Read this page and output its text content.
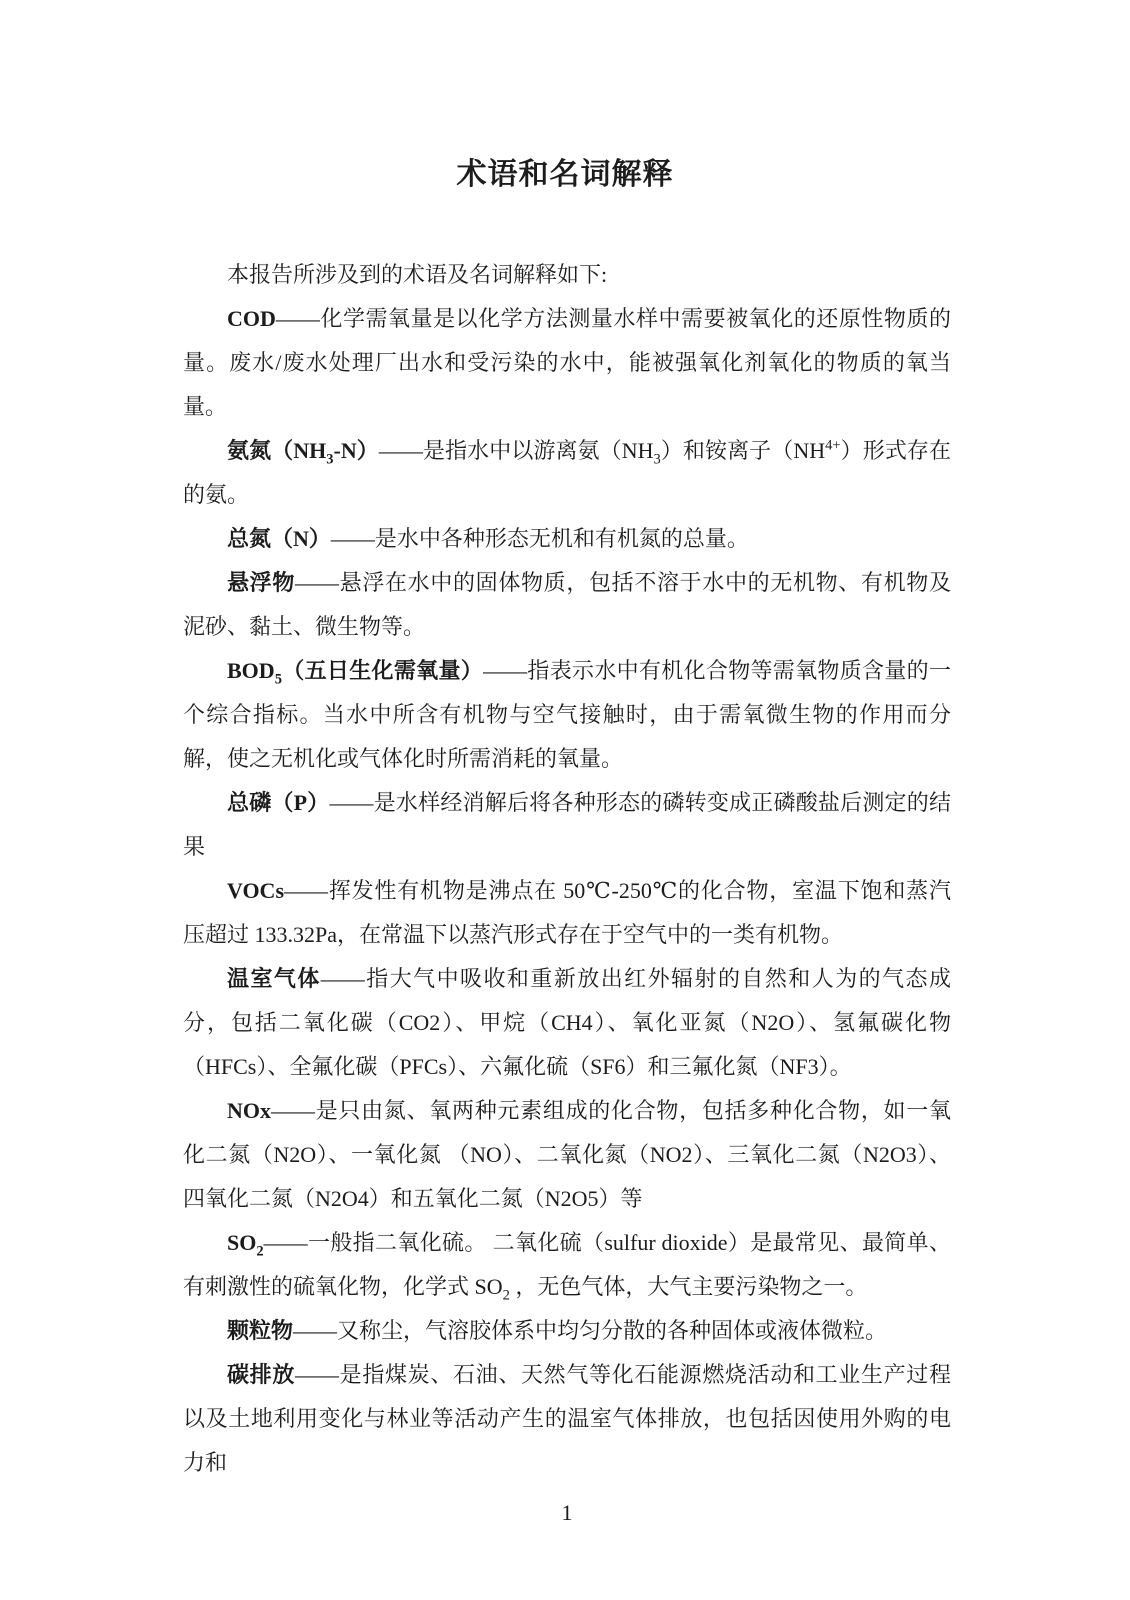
术语和名词解释

本报告所涉及到的术语及名词解释如下:

COD——化学需氧量是以化学方法测量水样中需要被氧化的还原性物质的量。废水/废水处理厂出水和受污染的水中，能被强氧化剂氧化的物质的氧当量。

氨氮$(NH_3-N)——$是指水中以游离氨$(NH_3)$和铵离子$(NH^{4+})$形式存在的氨。

总氮（N）——是水中各种形态无机和有机氮的总量。

悬浮物——悬浮在水中的固体物质，包括不溶于水中的无机物、有机物及泥砂、黏土、微生物等。

$BOD_5$（五日生化需氧量）——指表示水中有机化合物等需氧物质含量的一个综合指标。当水中所含有机物与空气接触时，由于需氧微生物的作用而分解，使之无机化或气体化时所需消耗的氧量。

总磷（P）——是水样经消解后将各种形态的磷转变成正磷酸盐后测定的结果

VOCs——挥发性有机物是沸点在 50℃-250℃的化合物，室温下饱和蒸汽压超过 133.32Pa，在常温下以蒸汽形式存在于空气中的一类有机物。

温室气体——指大气中吸收和重新放出红外辐射的自然和人为的气态成分，包括二氧化碳（CO2）、甲烷（CH4）、氧化亚氮（N2O）、氢氟碳化物（HFCs）、全氟化碳（PFCs）、六氟化硫（SF6）和三氟化氮（NF3）。

NOx——是只由氮、氧两种元素组成的化合物，包括多种化合物，如一氧化二氮（N2O）、一氧化氮 （NO）、二氧化氮（NO2）、三氧化二氮（N2O3）、四氧化二氮（N2O4）和五氧化二氮（N2O5）等

$SO_2——$一般指二氧化硫。 二氧化硫（sulfur dioxide）是最常见、最简单、有刺激性的硫氧化物，化学式 $SO_2$ ，无色气体，大气主要污染物之一。

颗粒物——又称尘，气溶胶体系中均匀分散的各种固体或液体微粒。

碳排放——是指煤炭、石油、天然气等化石能源燃烧活动和工业生产过程以及土地利用变化与林业等活动产生的温室气体排放，也包括因使用外购的电力和

1
